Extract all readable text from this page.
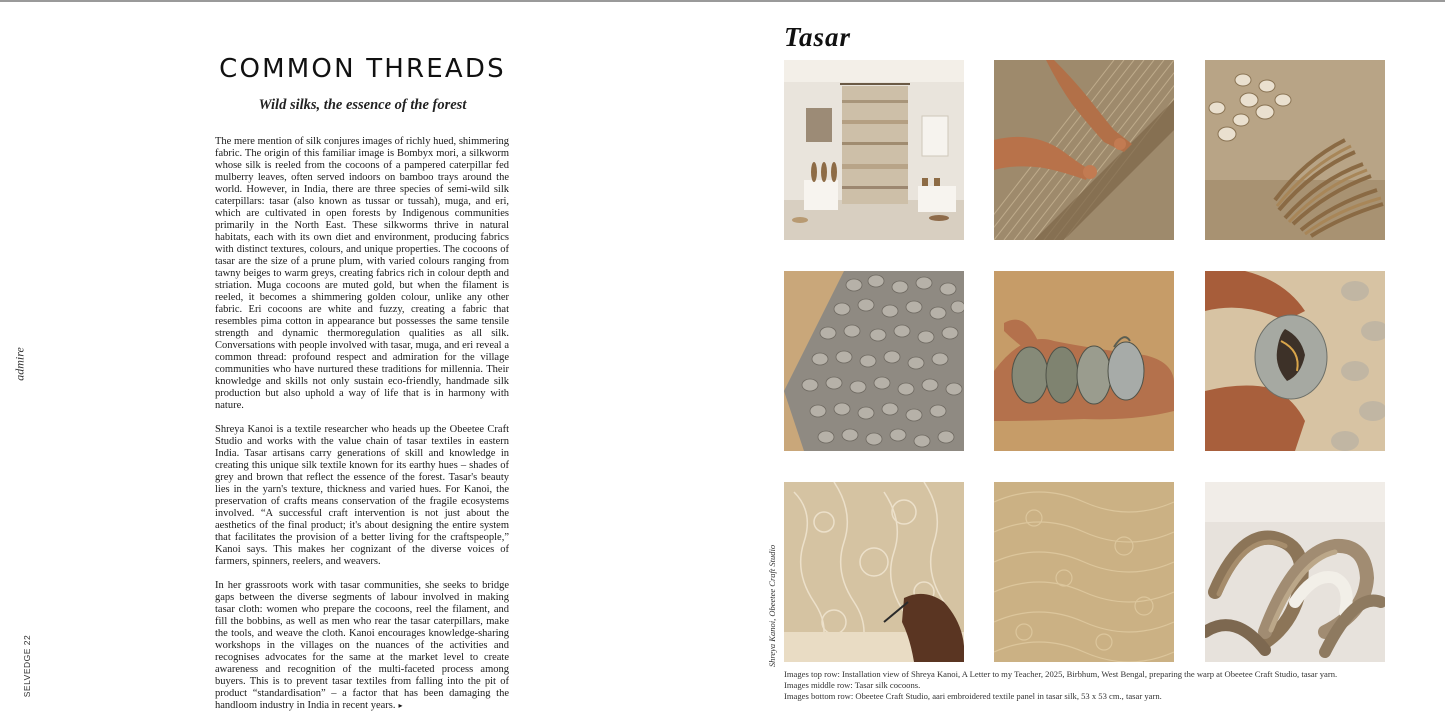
admire
SELVEDGE 22
COMMON THREADS
Wild silks, the essence of the forest

The mere mention of silk conjures images of richly hued, shimmering fabric. The origin of this familiar image is Bombyx mori, a silkworm whose silk is reeled from the cocoons of a pampered caterpillar fed mulberry leaves, often served indoors on bamboo trays around the world. However, in India, there are three species of semi-wild silk caterpillars: tasar (also known as tussar or tussah), muga, and eri, which are cultivated in open forests by Indigenous communities primarily in the North East. These silkworms thrive in natural habitats, each with its own diet and environment, producing fabrics with distinct textures, colours, and unique properties. The cocoons of tasar are the size of a prune plum, with varied colours ranging from tawny beiges to warm greys, creating fabrics rich in colour depth and striation. Muga cocoons are muted gold, but when the filament is reeled, it becomes a shimmering golden colour, unlike any other fabric. Eri cocoons are white and fuzzy, creating a fabric that resembles pima cotton in appearance but possesses the same tensile strength and dynamic thermoregulation qualities as all silk. Conversations with people involved with tasar, muga, and eri reveal a common thread: profound respect and admiration for the village communities who have nurtured these traditions for millennia. Their knowledge and skills not only sustain eco-friendly, handmade silk production but also uphold a way of life that is in harmony with nature.

Shreya Kanoi is a textile researcher who heads up the Obeetee Craft Studio and works with the value chain of tasar textiles in eastern India. Tasar artisans carry generations of skill and knowledge in creating this unique silk textile known for its earthy hues – shades of grey and brown that reflect the essence of the forest. Tasar's beauty lies in the yarn's texture, thickness and varied hues. For Kanoi, the preservation of crafts means conservation of the fragile ecosystems involved. “A successful craft intervention is not just about the aesthetics of the final product; it's about designing the entire system that facilitates the provision of a better living for the craftspeople,” Kanoi says. This makes her cognizant of the diverse voices of farmers, spinners, reelers, and weavers.

In her grassroots work with tasar communities, she seeks to bridge gaps between the diverse segments of labour involved in making tasar cloth: women who prepare the cocoons, reel the filament, and fill the bobbins, as well as men who rear the tasar caterpillars, make the tools, and weave the cloth. Kanoi encourages knowledge-sharing workshops in the villages on the nuances of the activities and recognises advocates for the same at the market level to create awareness and recognition of the multi-faceted process among buyers. This is to prevent tasar textiles from falling into the pit of product “standardisation” – a factor that has been damaging the handloom industry in India in recent years. ▸

Tasar
Shreya Kanoi, Obeetee Craft Studio
Images top row: Installation view of Shreya Kanoi, A Letter to my Teacher, 2025, Birbhum, West Bengal, preparing the warp at Obeetee Craft Studio, tasar yarn.
Images middle row: Tasar silk cocoons.
Images bottom row: Obeetee Craft Studio, aari embroidered textile panel in tasar silk, 53 x 53 cm., tasar yarn.
